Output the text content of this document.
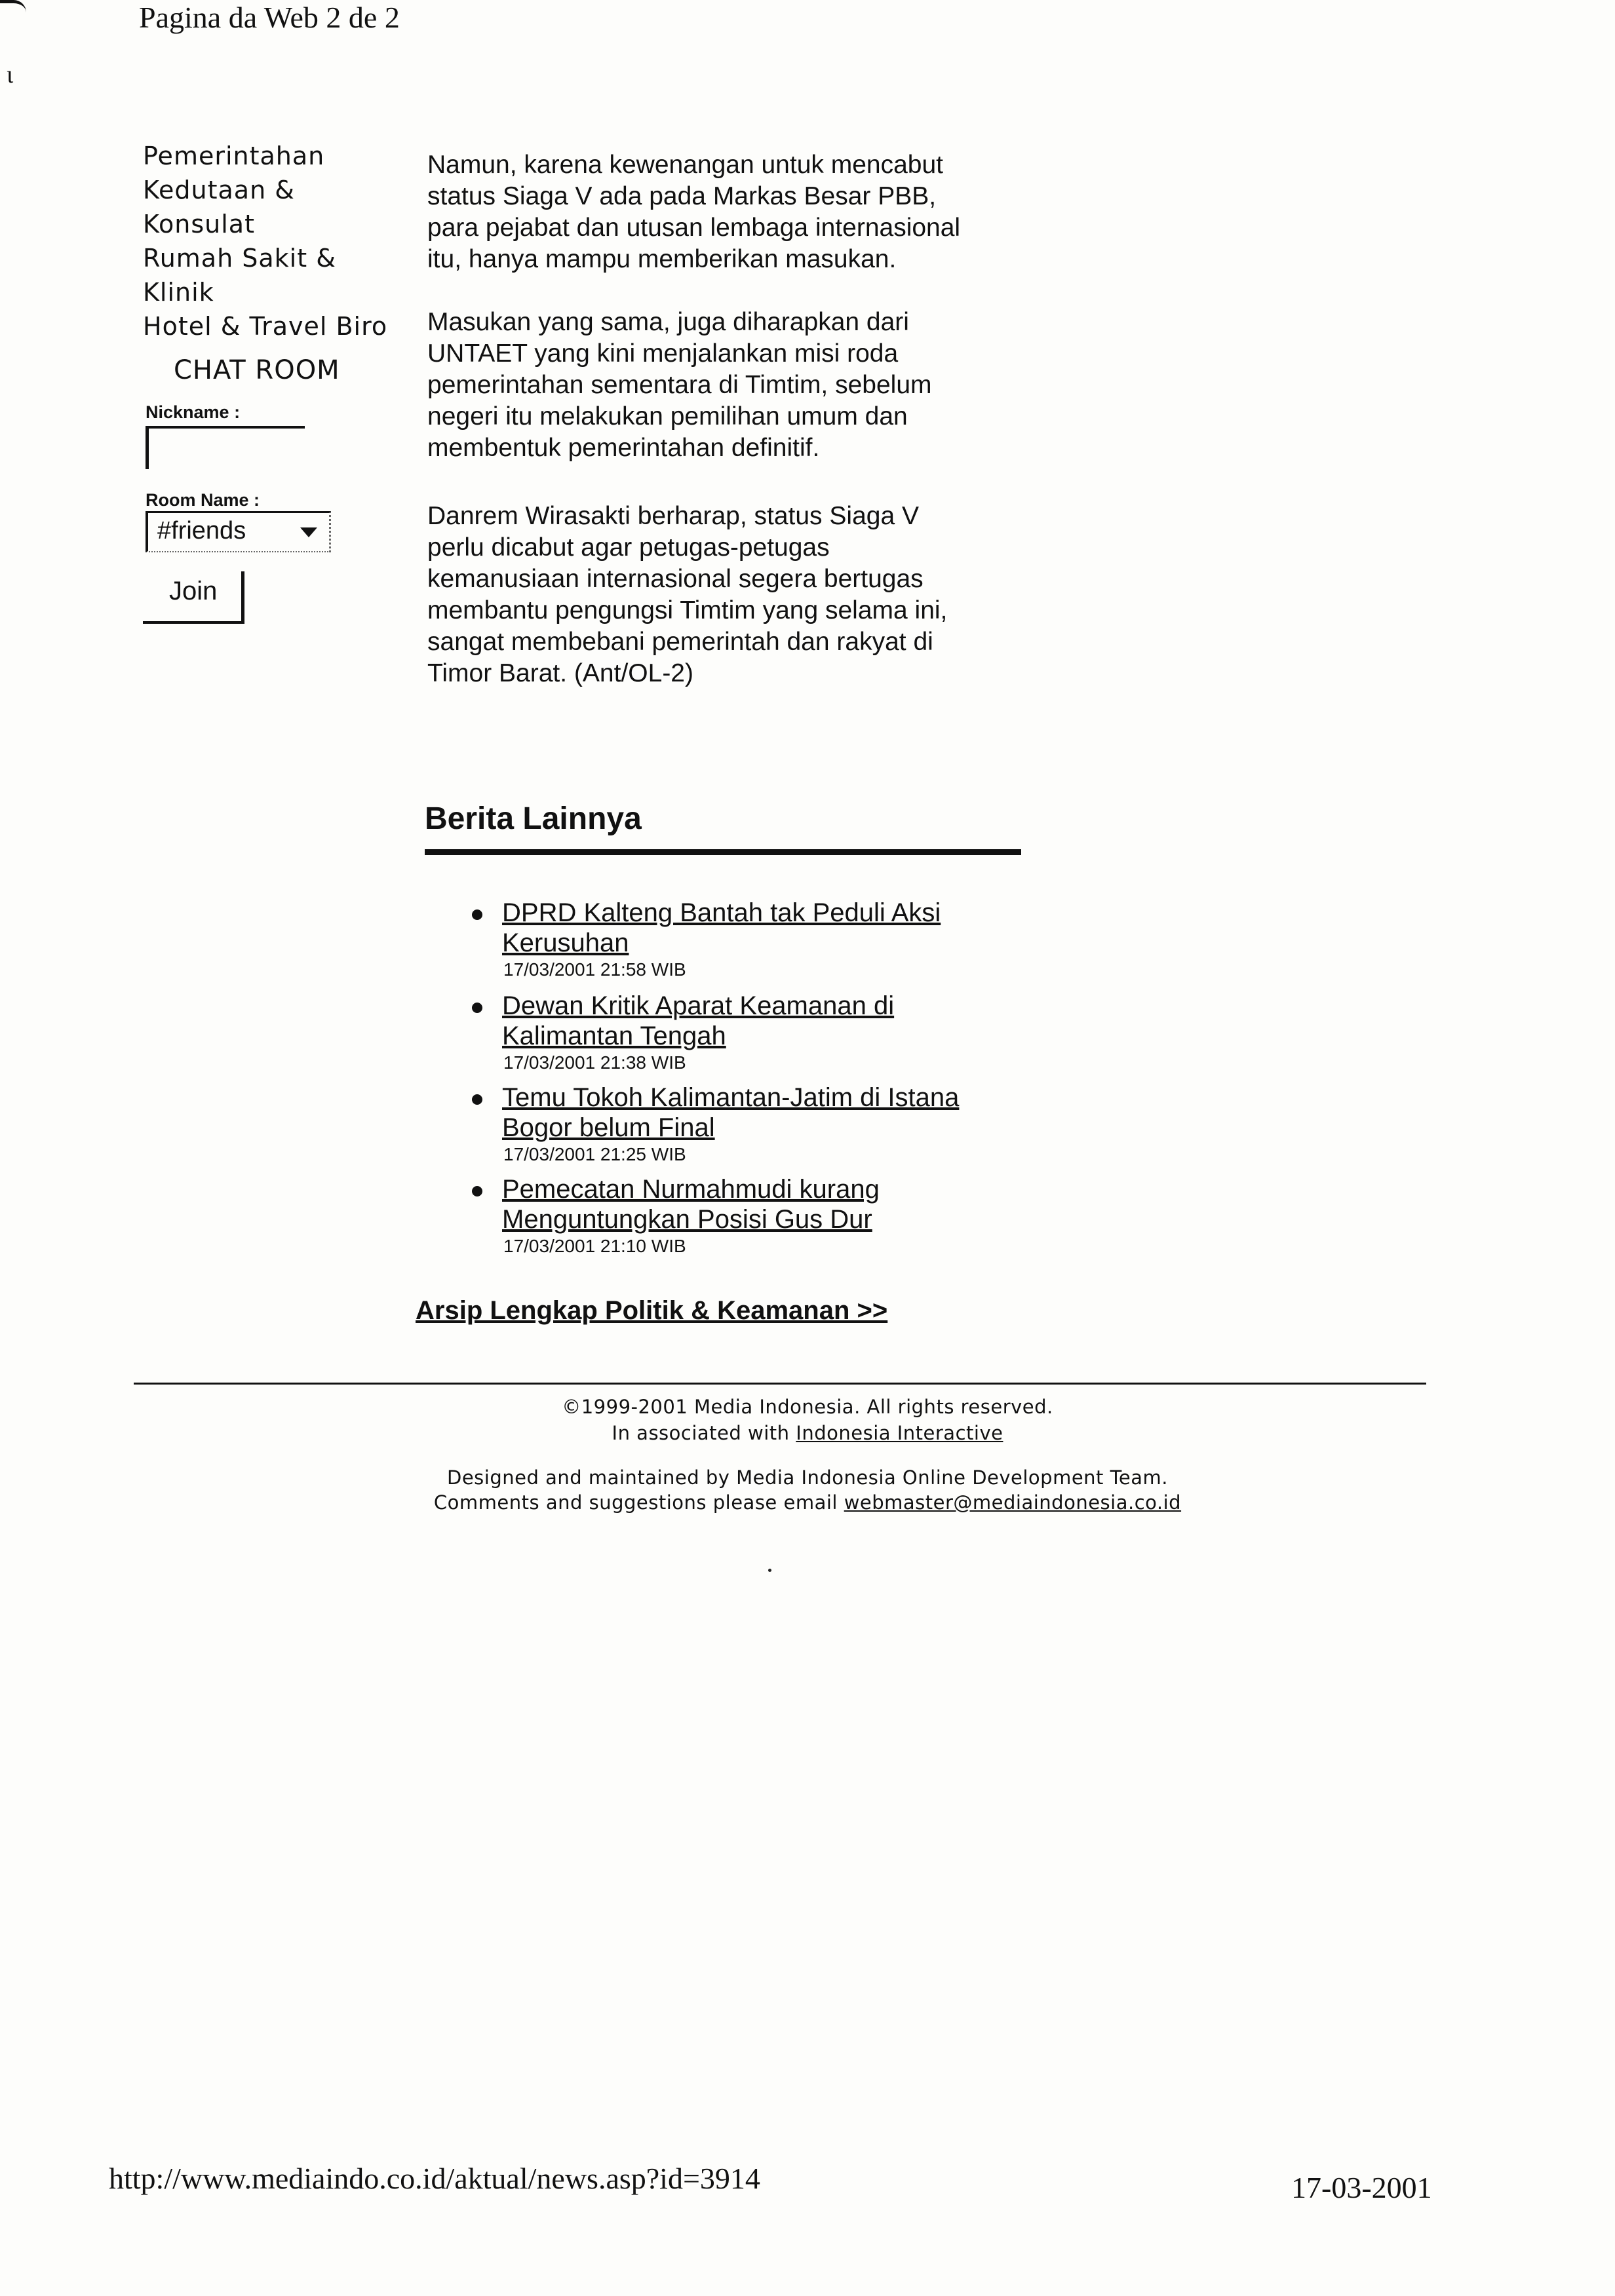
ɩ
Pagina da Web 2 de 2
Pemerintahan
Kedutaan &
Konsulat
Rumah Sakit &
Klinik
Hotel & Travel Biro
CHAT ROOM
Nickname :
Room Name :
#friends
Join

Namun, karena kewenangan untuk mencabut
status Siaga V ada pada Markas Besar PBB,
para pejabat dan utusan lembaga internasional
itu, hanya mampu memberikan masukan.

Masukan yang sama, juga diharapkan dari
UNTAET yang kini menjalankan misi roda
pemerintahan sementara di Timtim, sebelum
negeri itu melakukan pemilihan umum dan
membentuk pemerintahan definitif.

Danrem Wirasakti berharap, status Siaga V
perlu dicabut agar petugas-petugas
kemanusiaan internasional segera bertugas
membantu pengungsi Timtim yang selama ini,
sangat membebani pemerintah dan rakyat di
Timor Barat. (Ant/OL-2)

Berita Lainnya
DPRD Kalteng Bantah tak Peduli Aksi
Kerusuhan
17/03/2001 21:58 WIB
Dewan Kritik Aparat Keamanan di
Kalimantan Tengah
17/03/2001 21:38 WIB
Temu Tokoh Kalimantan-Jatim di Istana
Bogor belum Final
17/03/2001 21:25 WIB
Pemecatan Nurmahmudi kurang
Menguntungkan Posisi Gus Dur
17/03/2001 21:10 WIB
Arsip Lengkap Politik & Keamanan >>
©1999-2001 Media Indonesia. All rights reserved.
In associated with Indonesia Interactive
Designed and maintained by Media Indonesia Online Development Team.
Comments and suggestions please email webmaster@mediaindonesia.co.id
http://www.mediaindo.co.id/aktual/news.asp?id=3914	17-03-2001
